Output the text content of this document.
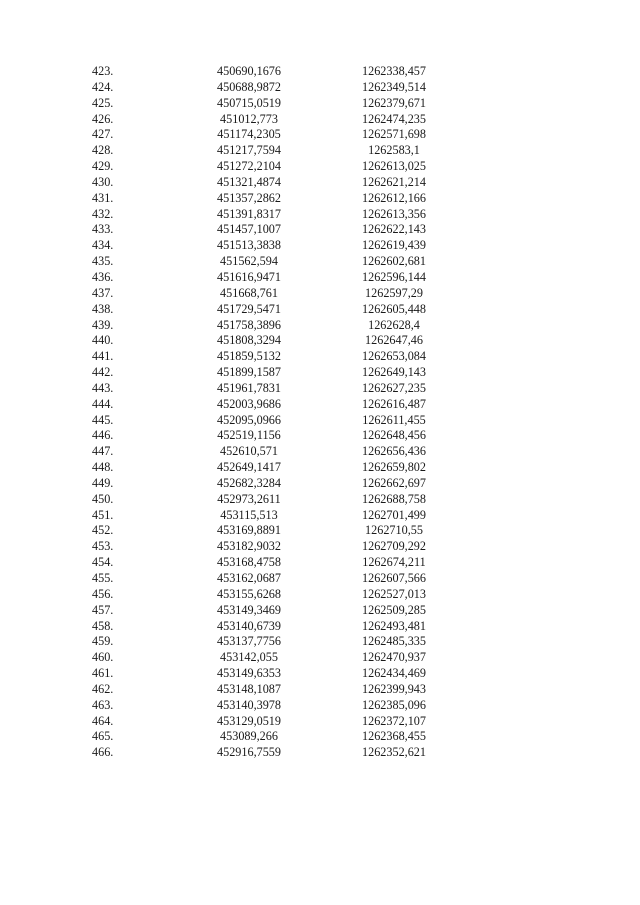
423.	450690,1676	1262338,457
424.	450688,9872	1262349,514
425.	450715,0519	1262379,671
426.	451012,773	1262474,235
427.	451174,2305	1262571,698
428.	451217,7594	1262583,1
429.	451272,2104	1262613,025
430.	451321,4874	1262621,214
431.	451357,2862	1262612,166
432.	451391,8317	1262613,356
433.	451457,1007	1262622,143
434.	451513,3838	1262619,439
435.	451562,594	1262602,681
436.	451616,9471	1262596,144
437.	451668,761	1262597,29
438.	451729,5471	1262605,448
439.	451758,3896	1262628,4
440.	451808,3294	1262647,46
441.	451859,5132	1262653,084
442.	451899,1587	1262649,143
443.	451961,7831	1262627,235
444.	452003,9686	1262616,487
445.	452095,0966	1262611,455
446.	452519,1156	1262648,456
447.	452610,571	1262656,436
448.	452649,1417	1262659,802
449.	452682,3284	1262662,697
450.	452973,2611	1262688,758
451.	453115,513	1262701,499
452.	453169,8891	1262710,55
453.	453182,9032	1262709,292
454.	453168,4758	1262674,211
455.	453162,0687	1262607,566
456.	453155,6268	1262527,013
457.	453149,3469	1262509,285
458.	453140,6739	1262493,481
459.	453137,7756	1262485,335
460.	453142,055	1262470,937
461.	453149,6353	1262434,469
462.	453148,1087	1262399,943
463.	453140,3978	1262385,096
464.	453129,0519	1262372,107
465.	453089,266	1262368,455
466.	452916,7559	1262352,621
